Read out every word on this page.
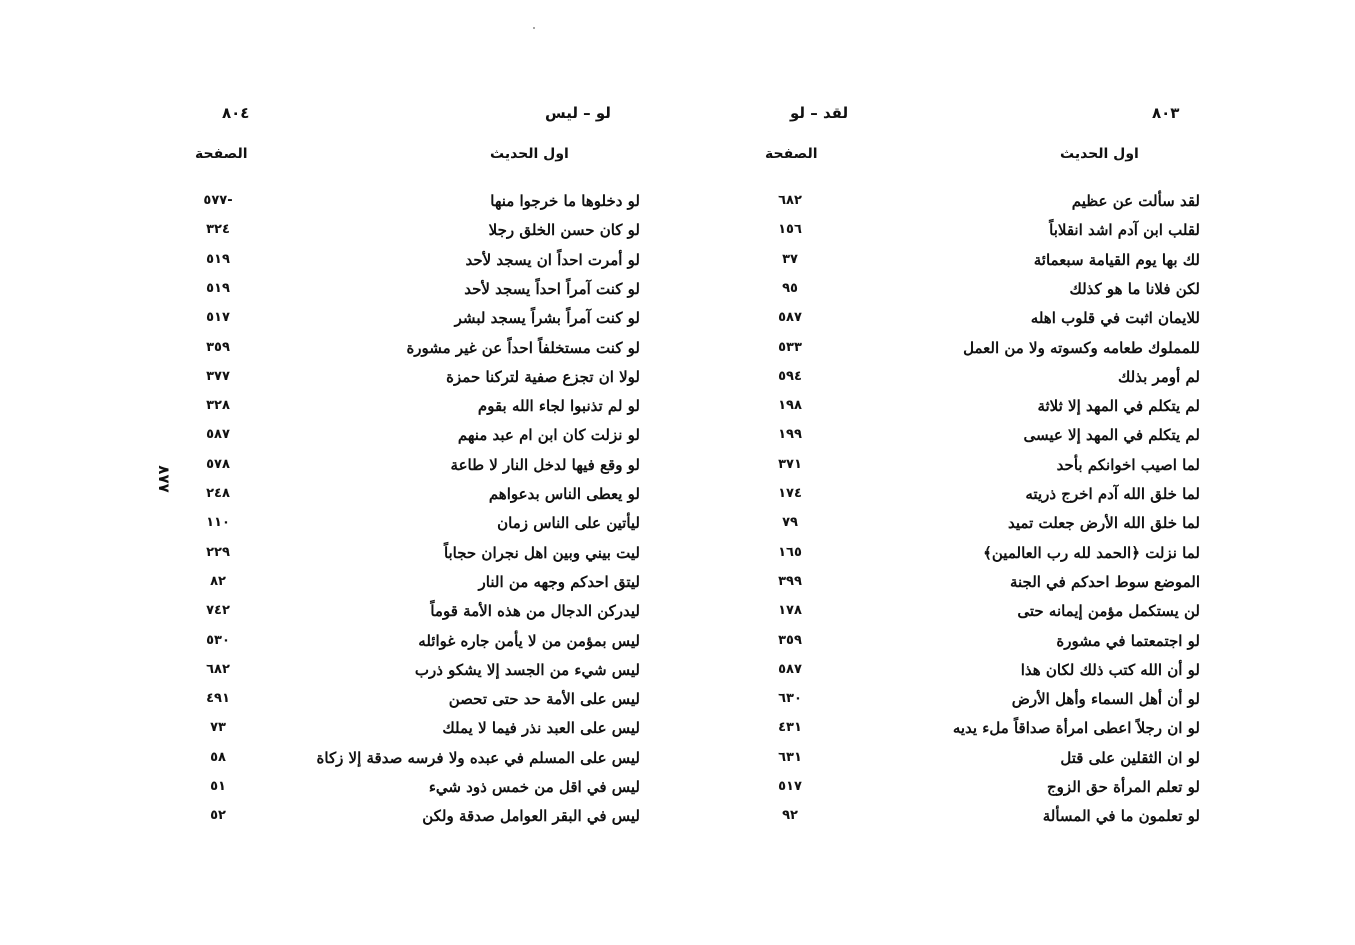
٨٠٣
لقد – لو
اول الحديث
الصفحة
لقد سألت عن عظيم
٦٨٢
لقلب ابن آدم اشد انقلاباً
١٥٦
لك بها يوم القيامة سبعمائة
٣٧
لكن فلانا ما هو كذلك
٩٥
للايمان اثبت في قلوب اهله
٥٨٧
للمملوك طعامه وكسوته ولا من العمل
٥٣٣
لم أومر بذلك
٥٩٤
لم يتكلم في المهد إلا ثلاثة
١٩٨
لم يتكلم في المهد إلا عيسى
١٩٩
لما اصيب اخوانكم بأحد
٣٧١
لما خلق الله آدم اخرج ذريته
١٧٤
لما خلق الله الأرض جعلت تميد
٧٩
لما نزلت ﴿الحمد لله رب العالمين﴾
١٦٥
الموضع سوط احدكم في الجنة
٣٩٩
لن يستكمل مؤمن إيمانه حتى
١٧٨
لو اجتمعتما في مشورة
٣٥٩
لو أن الله كتب ذلك لكان هذا
٥٨٧
لو أن أهل السماء وأهل الأرض
٦٣٠
لو ان رجلاً اعطى امرأة صداقاً ملء يديه
٤٣١
لو ان الثقلين على قتل
٦٣١
لو تعلم المرأة حق الزوج
٥١٧
لو تعلمون ما في المسألة
٩٢
٨٠٤	لو – ليس
اول الحديث
الصفحة
لو دخلوها ما خرجوا منها
-٥٧٧
لو كان حسن الخلق رجلا
٣٢٤
لو أمرت احداً ان يسجد لأحد
٥١٩
لو كنت آمراً احداً يسجد لأحد
٥١٩
لو كنت آمراً بشراً يسجد لبشر
٥١٧
لو كنت مستخلفاً احداً عن غير مشورة
٣٥٩
لولا ان تجزع صفية لتركنا حمزة
٣٧٧
لو لم تذنبوا لجاء الله بقوم
٣٢٨
لو نزلت كان ابن ام عبد منهم
٥٨٧
لو وقع فيها لدخل النار لا طاعة
٥٧٨
لو يعطى الناس بدعواهم
٢٤٨
ليأتين على الناس زمان
١١٠
ليت بيني وبين اهل نجران حجاباً
٢٢٩
ليتق احدكم وجهه من النار
٨٢
ليدركن الدجال من هذه الأمة قوماً
٧٤٢
ليس بمؤمن من لا يأمن جاره غوائله
٥٣٠
ليس شيء من الجسد إلا يشكو ذرب
٦٨٢
ليس على الأمة حد حتى تحصن
٤٩١
ليس على العبد نذر فيما لا يملك
٧٣
ليس على المسلم في عبده ولا فرسه صدقة إلا زكاة
٥٨
ليس في اقل من خمس ذود شيء
٥١
ليس في البقر العوامل صدقة ولكن
٥٢
٨٨٧
